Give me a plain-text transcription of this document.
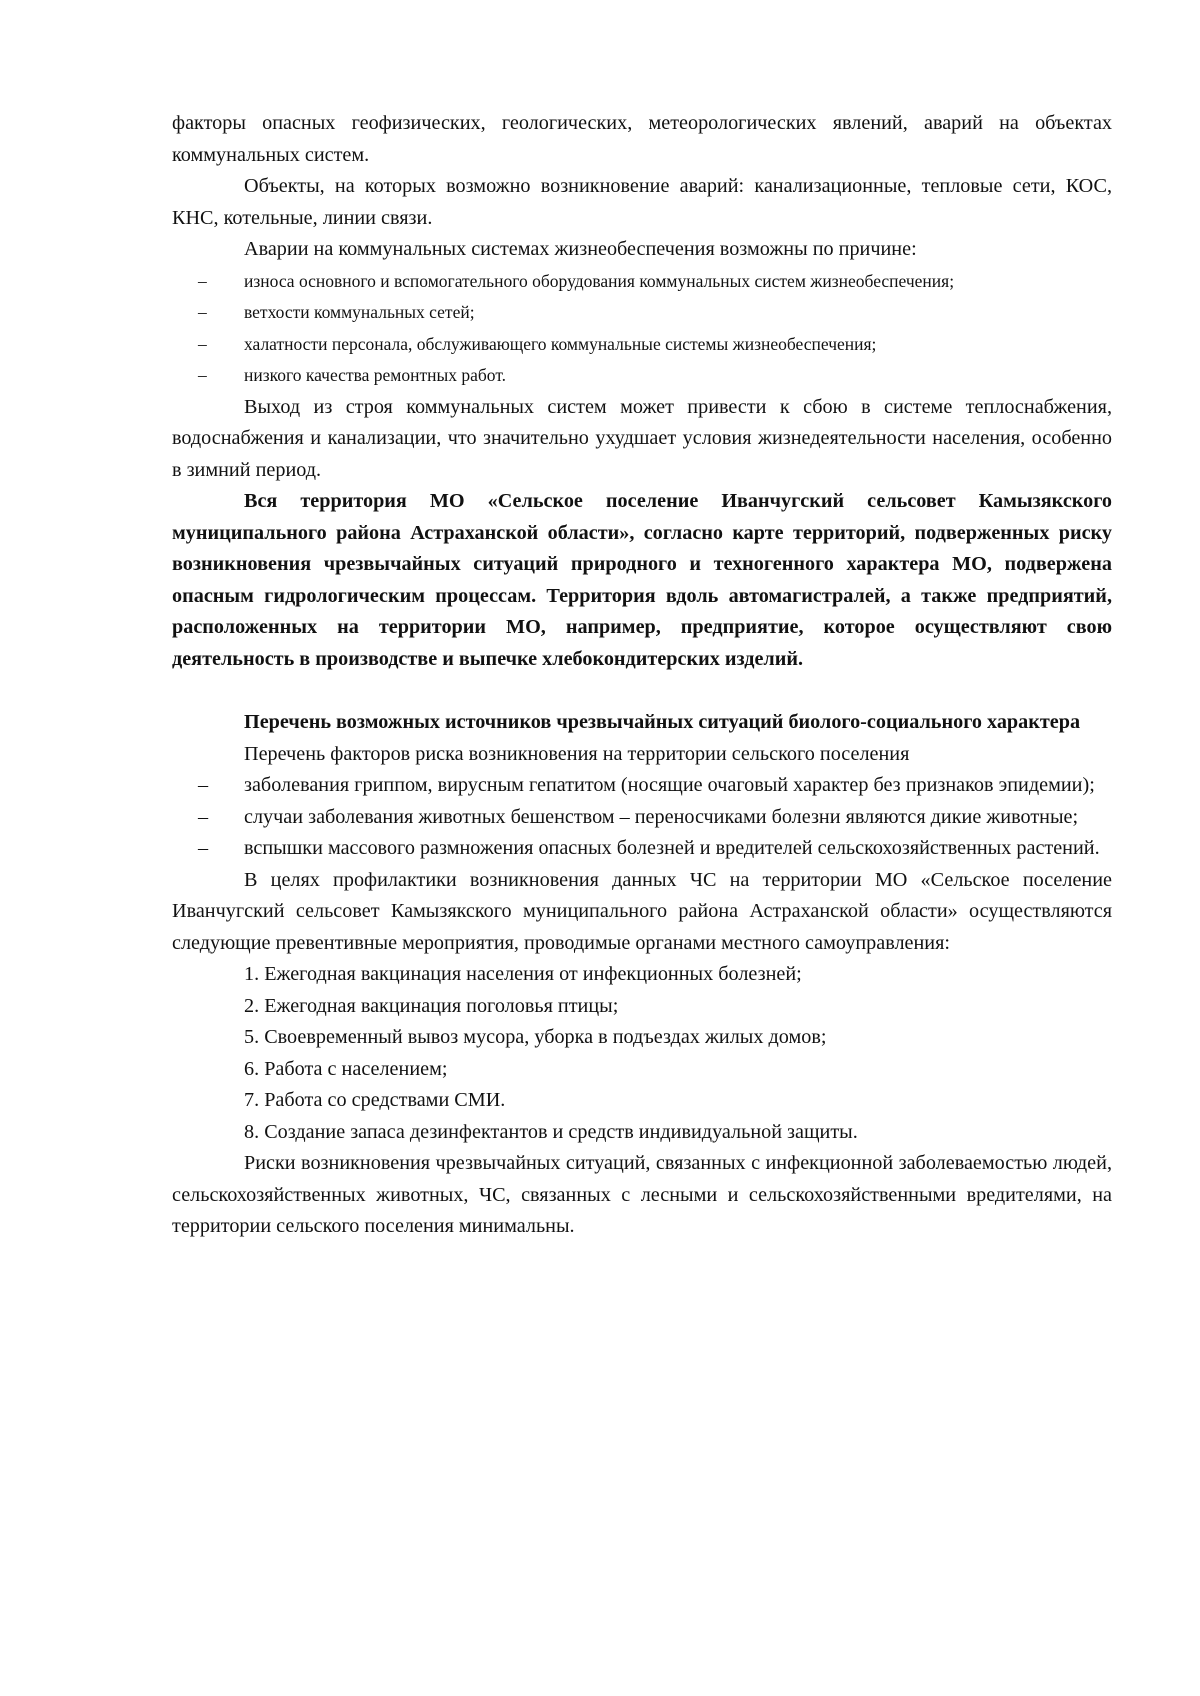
факторы опасных геофизических, геологических, метеорологических явлений, аварий на объектах коммунальных систем.

Объекты, на которых возможно возникновение аварий: канализационные, тепловые сети, КОС, КНС, котельные, линии связи.

Аварии на коммунальных системах жизнеобеспечения возможны по причине:

– износа основного и вспомогательного оборудования коммунальных систем жизнеобеспечения;
–	ветхости коммунальных сетей;
–	халатности персонала, обслуживающего коммунальные системы жизнеобеспечения;
–	низкого качества ремонтных работ.

Выход из строя коммунальных систем может привести к сбою в системе теплоснабжения, водоснабжения и канализации, что значительно ухудшает условия жизнедеятельности населения, особенно в зимний период.

Вся территория МО «Сельское поселение Иванчугский сельсовет Камызякского муниципального района Астраханской области», согласно карте территорий, подверженных риску возникновения чрезвычайных ситуаций природного и техногенного характера МО, подвержена опасным гидрологическим процессам. Территория вдоль автомагистралей, а также предприятий, расположенных на территории МО, например, предприятие, которое осуществляют свою деятельность в производстве и выпечке хлебокондитерских изделий.

Перечень возможных источников чрезвычайных ситуаций биолого-социального характера

Перечень факторов риска возникновения на территории сельского поселения

– заболевания гриппом, вирусным гепатитом (носящие очаговый характер без признаков эпидемии);
– случаи заболевания животных бешенством – переносчиками болезни являются дикие животные;
– вспышки массового размножения опасных болезней и вредителей сельскохозяйственных растений.

В целях профилактики возникновения данных ЧС на территории МО «Сельское поселение Иванчугский сельсовет Камызякского муниципального района Астраханской области» осуществляются следующие превентивные мероприятия, проводимые органами местного самоуправления:

1. Ежегодная вакцинация населения от инфекционных болезней;
2. Ежегодная вакцинация поголовья птицы;
5. Своевременный вывоз мусора, уборка в подъездах жилых домов;
6. Работа с населением;
7. Работа со средствами СМИ.
8. Создание запаса дезинфектантов и средств индивидуальной защиты.

Риски возникновения чрезвычайных ситуаций, связанных с инфекционной заболеваемостью людей, сельскохозяйственных животных, ЧС, связанных с лесными и сельскохозяйственными вредителями, на территории сельского поселения минимальны.
